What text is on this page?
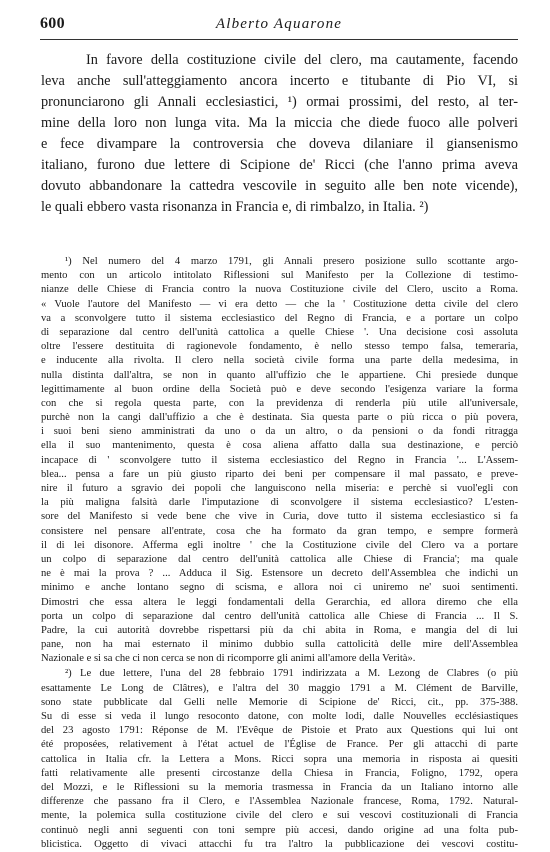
600	Alberto Aquarone
In favore della costituzione civile del clero, ma cautamente, facendo
leva anche sull'atteggiamento ancora incerto e titubante di Pio VI, si
pronunciarono gli Annali ecclesiastici, ¹) ormai prossimi, del resto, al ter-
mine della loro non lunga vita. Ma la miccia che diede fuoco alle polveri
e fece divampare la controversia che doveva dilaniare il giansenismo
italiano, furono due lettere di Scipione de' Ricci (che l'anno prima aveva
dovuto abbandonare la cattedra vescovile in seguito alle ben note vicende),
le quali ebbero vasta risonanza in Francia e, di rimbalzo, in Italia. ²)
¹) Nel numero del 4 marzo 1791, gli Annali presero posizione sullo scottante argo-
mento con un articolo intitolato Riflessioni sul Manifesto per la Collezione di testimo-
nianze delle Chiese di Francia contro la nuova Costituzione civile del Clero, uscito a Roma.
« Vuole l'autore del Manifesto — vi era detto — che la ' Costituzione detta civile del clero
va a sconvolgere tutto il sistema ecclesiastico del Regno di Francia, e a portare un colpo
di separazione dal centro dell'unità cattolica a quelle Chiese '. Una decisione così assoluta
oltre l'essere destituita di ragionevole fondamento, è nello stesso tempo falsa, temeraria,
e inducente alla rivolta. Il clero nella società civile forma una parte della medesima, in
nulla distinta dall'altra, se non in quanto all'uffizio che le appartiene. Chi presiede dunque
legittimamente al buon ordine della Società può e deve secondo l'esigenza variare la forma
con che si regola questa parte, con la previdenza di renderla più utile all'universale,
purchè non la cangi dall'uffizio a che è destinata. Sia questa parte o più ricca o più povera,
i suoi beni sieno amministrati da uno o da un altro, o da pensioni o da fondi ritragga
ella il suo mantenimento, questa è cosa aliena affatto dalla sua destinazione, e perciò
incapace di ' sconvolgere tutto il sistema ecclesiastico del Regno in Francia '... L'Assem-
blea... pensa a fare un più giusto riparto dei beni per compensare il mal passato, e preve-
nire il futuro a sgravio dei popoli che languiscono nella miseria: e perchè si vuol'egli con
la più maligna falsità darle l'imputazione di sconvolgere il sistema ecclesiastico? L'esten-
sore del Manifesto si vede bene che vive in Curia, dove tutto il sistema ecclesiastico si fa
consistere nel pensare all'entrate, cosa che ha formato da gran tempo, e sempre formerà
il di lei disonore. Afferma egli inoltre ' che la Costituzione civile del Clero va a portare
un colpo di separazione dal centro dell'unità cattolica alle Chiese di Francia'; ma quale
ne è mai la prova ? ... Adduca il Sig. Estensore un decreto dell'Assemblea che indichi un
minimo e anche lontano segno di scisma, e allora noi ci uniremo ne' suoi sentimenti.
Dimostri che essa altera le leggi fondamentali della Gerarchia, ed allora diremo che ella
porta un colpo di separazione dal centro dell'unità cattolica alle Chiese di Francia ... Il S.
Padre, la cui autorità dovrebbe rispettarsi più da chi abita in Roma, e mangia del di lui
pane, non ha mai esternato il minimo dubbio sulla cattolicità delle mire dell'Assemblea
Nazionale e si sa che ci non cerca se non di ricomporre gli animi all'amore della Verità».
²) Le due lettere, l'una del 28 febbraio 1791 indirizzata a M. Lezong de Clabres (o più
esattamente Le Long de Clâtres), e l'altra del 30 maggio 1791 a M. Clément de Barville,
sono state pubblicate dal Gelli nelle Memorie di Scipione de' Ricci, cit., pp. 375-388.
Su di esse si veda il lungo resoconto datone, con molte lodi, dalle Nouvelles ecclésiastiques
del 23 agosto 1791: Réponse de M. l'Evêque de Pistoie et Prato aux Questions qui lui ont
été proposées, relativement à l'état actuel de l'Église de France. Per gli attacchi di parte
cattolica in Italia cfr. la Lettera a Mons. Ricci sopra una memoria in risposta ai quesiti
fatti relativamente alle presenti circostanze della Chiesa in Francia, Foligno, 1792, opera
del Mozzi, e le Riflessioni su la memoria trasmessa in Francia da un Italiano intorno alle
differenze che passano fra il Clero, e l'Assemblea Nazionale francese, Roma, 1792. Natural-
mente, la polemica sulla costituzione civile del clero e sui vescovi costituzionali di Francia
continuò negli anni seguenti con toni sempre più accesi, dando origine ad una folta pub-
blicistica. Oggetto di vivaci attacchi fu tra l'altro la pubblicazione dei vescovi costitu-
